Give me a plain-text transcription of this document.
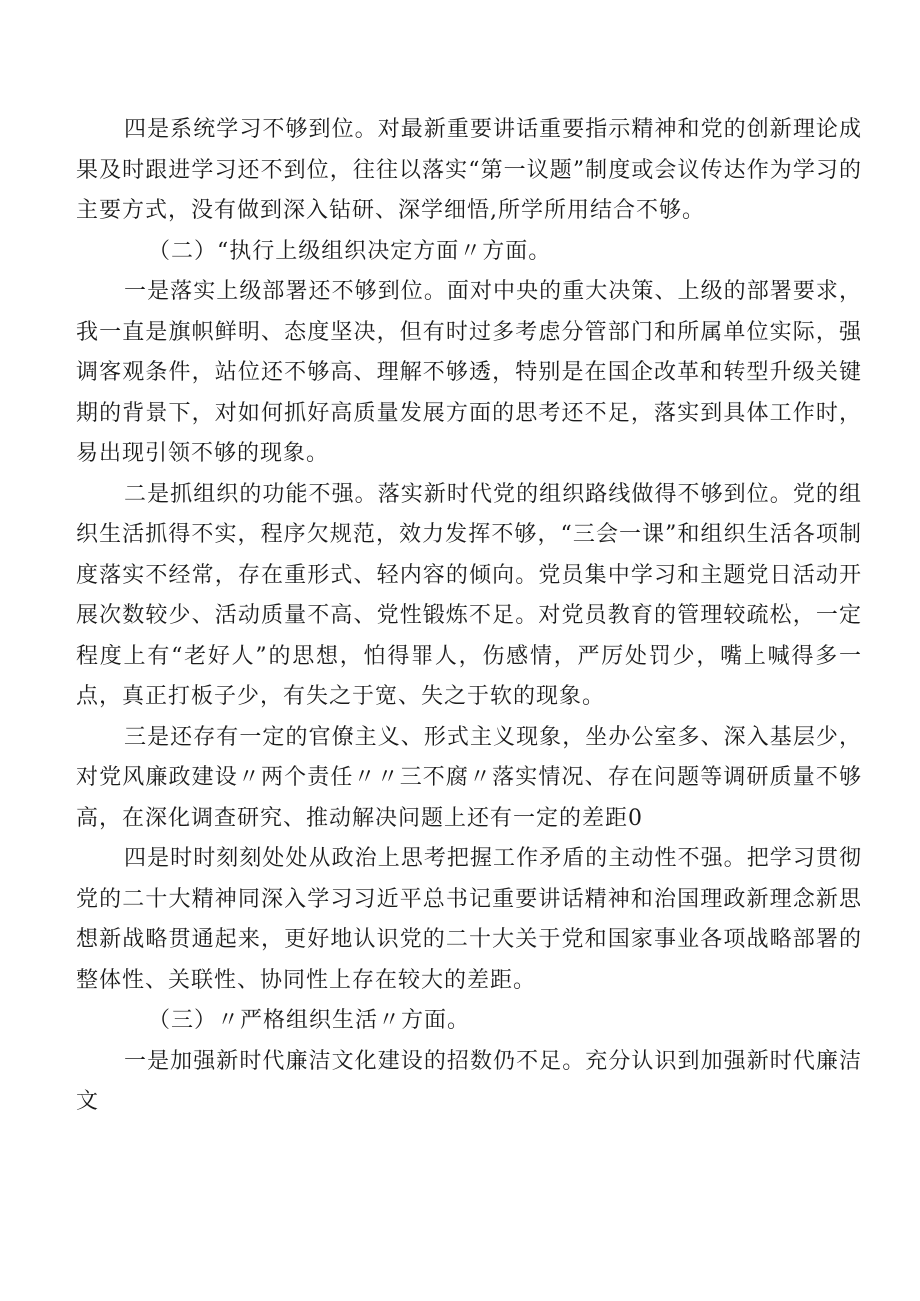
四是系统学习不够到位。对最新重要讲话重要指示精神和党的创新理论成果及时跟进学习还不到位，往往以落实“第一议题”制度或会议传达作为学习的主要方式，没有做到深入钻研、深学细悟,所学所用结合不够。

（二）“执行上级组织决定方面〃方面。

一是落实上级部署还不够到位。面对中央的重大决策、上级的部署要求，我一直是旗帜鲜明、态度坚决，但有时过多考虑分管部门和所属单位实际，强调客观条件，站位还不够高、理解不够透，特别是在国企改革和转型升级关键期的背景下，对如何抓好高质量发展方面的思考还不足，落实到具体工作时，易出现引领不够的现象。

二是抓组织的功能不强。落实新时代党的组织路线做得不够到位。党的组织生活抓得不实，程序欠规范，效力发挥不够，“三会一课”和组织生活各项制度落实不经常，存在重形式、轻内容的倾向。党员集中学习和主题党日活动开展次数较少、活动质量不高、党性锻炼不足。对党员教育的管理较疏松，一定程度上有“老好人”的思想，怕得罪人，伤感情，严厉处罚少，嘴上喊得多一点，真正打板子少，有失之于宽、失之于软的现象。

三是还存有一定的官僚主义、形式主义现象，坐办公室多、深入基层少，对党风廉政建设〃两个责任〃〃三不腐〃落实情况、存在问题等调研质量不够高，在深化调查研究、推动解决问题上还有一定的差距0

四是时时刻刻处处从政治上思考把握工作矛盾的主动性不强。把学习贯彻党的二十大精神同深入学习习近平总书记重要讲话精神和治国理政新理念新思想新战略贯通起来，更好地认识党的二十大关于党和国家事业各项战略部署的整体性、关联性、协同性上存在较大的差距。

（三）〃严格组织生活〃方面。

一是加强新时代廉洁文化建设的招数仍不足。充分认识到加强新时代廉洁文
